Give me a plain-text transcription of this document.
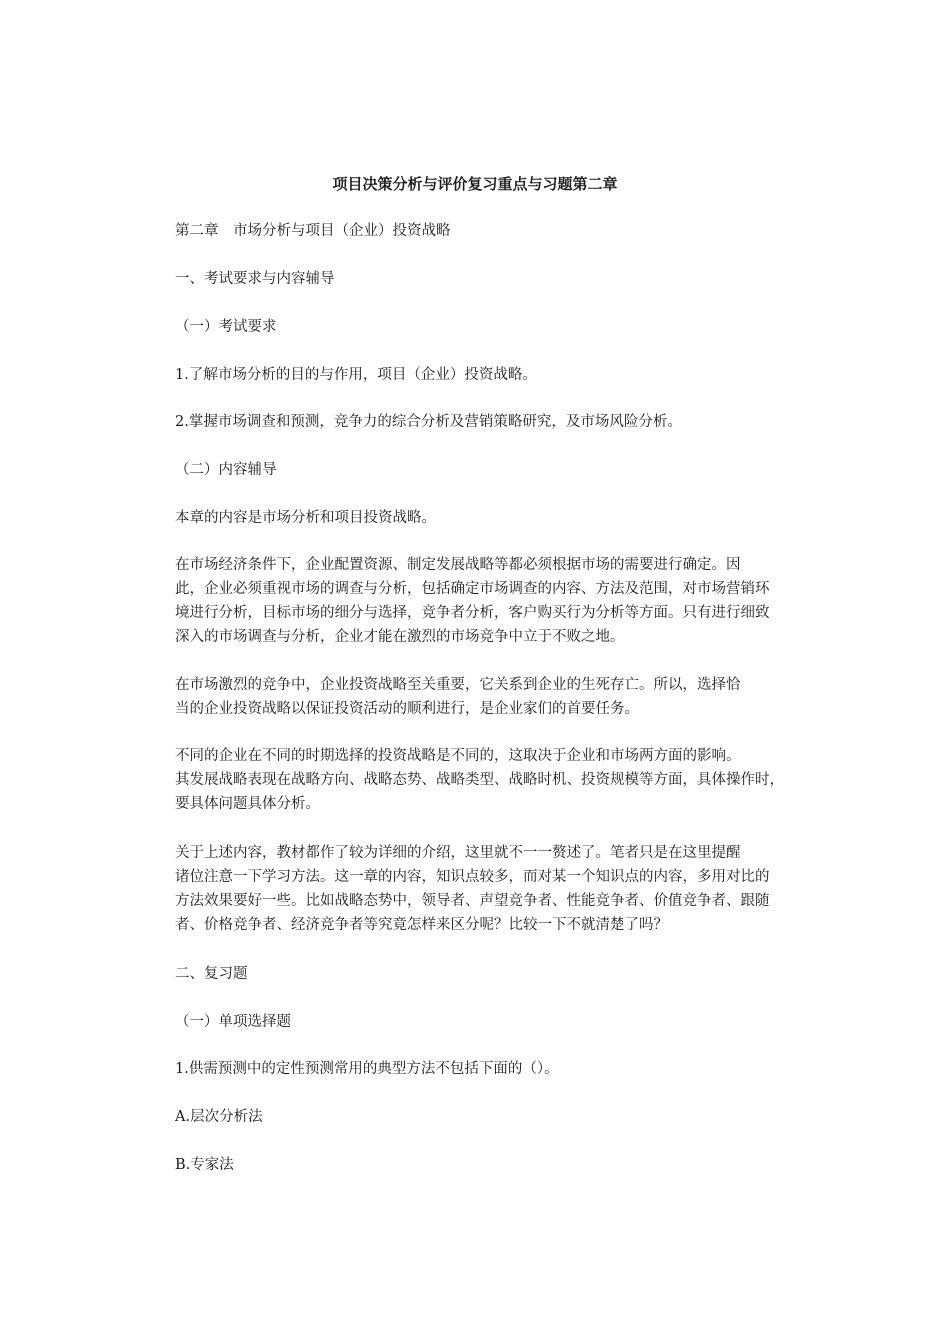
项目决策分析与评价复习重点与习题第二章

第二章　市场分析与项目（企业）投资战略

一、考试要求与内容辅导

（一）考试要求

1.了解市场分析的目的与作用，项目（企业）投资战略。

2.掌握市场调查和预测，竞争力的综合分析及营销策略研究，及市场风险分析。

（二）内容辅导

本章的内容是市场分析和项目投资战略。

在市场经济条件下，企业配置资源、制定发展战略等都必须根据市场的需要进行确定。因
此，企业必须重视市场的调查与分析，包括确定市场调查的内容、方法及范围，对市场营销环
境进行分析，目标市场的细分与选择，竞争者分析，客户购买行为分析等方面。只有进行细致
深入的市场调查与分析，企业才能在激烈的市场竞争中立于不败之地。
在市场激烈的竞争中，企业投资战略至关重要，它关系到企业的生死存亡。所以，选择恰
当的企业投资战略以保证投资活动的顺利进行，是企业家们的首要任务。
不同的企业在不同的时期选择的投资战略是不同的，这取决于企业和市场两方面的影响。
其发展战略表现在战略方向、战略态势、战略类型、战略时机、投资规模等方面，具体操作时，
要具体问题具体分析。
关于上述内容，教材都作了较为详细的介绍，这里就不一一赘述了。笔者只是在这里提醒
诸位注意一下学习方法。这一章的内容，知识点较多，而对某一个知识点的内容，多用对比的
方法效果要好一些。比如战略态势中，领导者、声望竞争者、性能竞争者、价值竞争者、跟随
者、价格竞争者、经济竞争者等究竟怎样来区分呢？比较一下不就清楚了吗？

二、复习题

（一）单项选择题

1.供需预测中的定性预测常用的典型方法不包括下面的（）。

A.层次分析法

B.专家法
